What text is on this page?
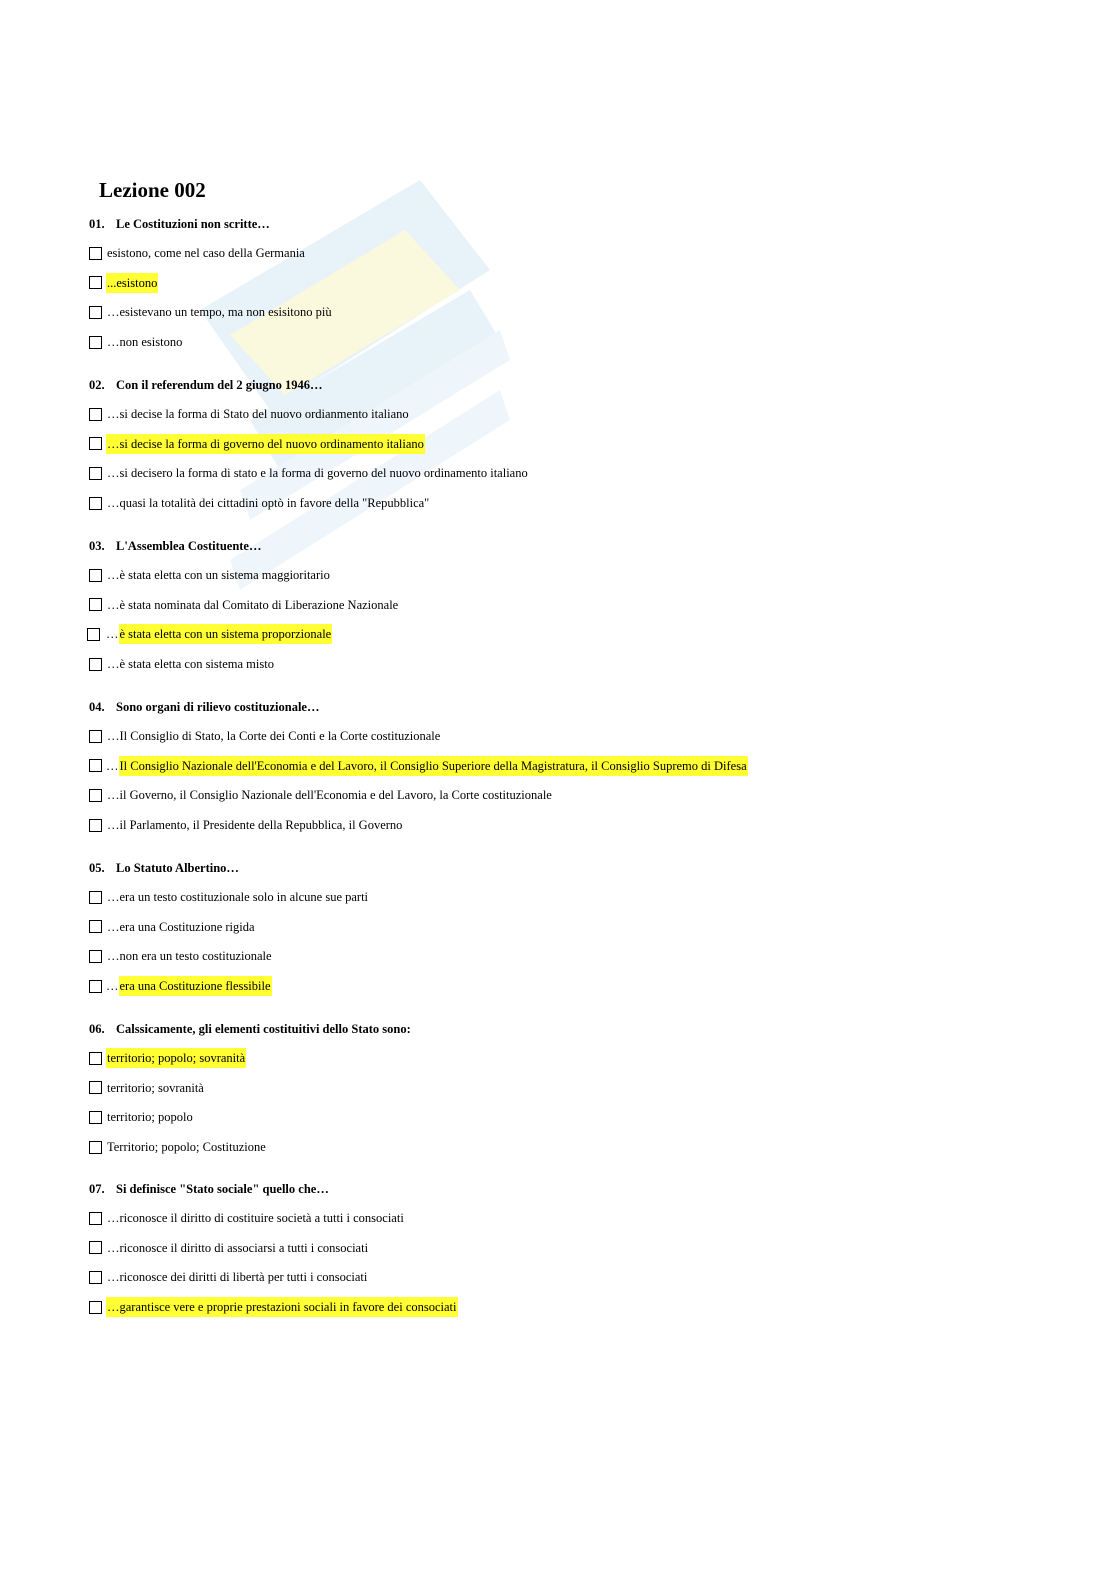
Lezione 002
01. Le Costituzioni non scritte…
esistono, come nel caso della Germania
...esistono
…esistevano un tempo, ma non esisitono più
…non esistono
02. Con il referendum del 2 giugno 1946…
…si decise la forma di Stato del nuovo ordianmento italiano
…si decise la forma di governo del nuovo ordinamento italiano
…si decisero la forma di stato e la forma di governo del nuovo ordinamento italiano
…quasi la totalità dei cittadini optò in favore della "Repubblica"
03. L'Assemblea Costituente…
…è stata eletta con un sistema maggioritario
…è stata nominata dal Comitato di Liberazione Nazionale
… è stata eletta con un sistema proporzionale
…è stata eletta con sistema misto
04. Sono organi di rilievo costituzionale…
…Il Consiglio di Stato, la Corte dei Conti e la Corte costituzionale
… Il Consiglio Nazionale dell'Economia e del Lavoro, il Consiglio Superiore della Magistratura, il Consiglio Supremo di Difesa
…il Governo, il Consiglio Nazionale dell'Economia e del Lavoro, la Corte costituzionale
…il Parlamento, il Presidente della Repubblica, il Governo
05. Lo Statuto Albertino…
…era un testo costituzionale solo in alcune sue parti
…era una Costituzione rigida
…non era un testo costituzionale
… era una Costituzione flessibile
06. Calssicamente, gli elementi costituitivi dello Stato sono:
territorio; popolo; sovranità
territorio; sovranità
territorio; popolo
Territorio; popolo; Costituzione
07. Si definisce "Stato sociale" quello che…
…riconosce il diritto di costituire società a tutti i consociati
…riconosce il diritto di associarsi a tutti i consociati
…riconosce dei diritti di libertà per tutti i consociati
…garantisce vere e proprie prestazioni sociali in favore dei consociati
